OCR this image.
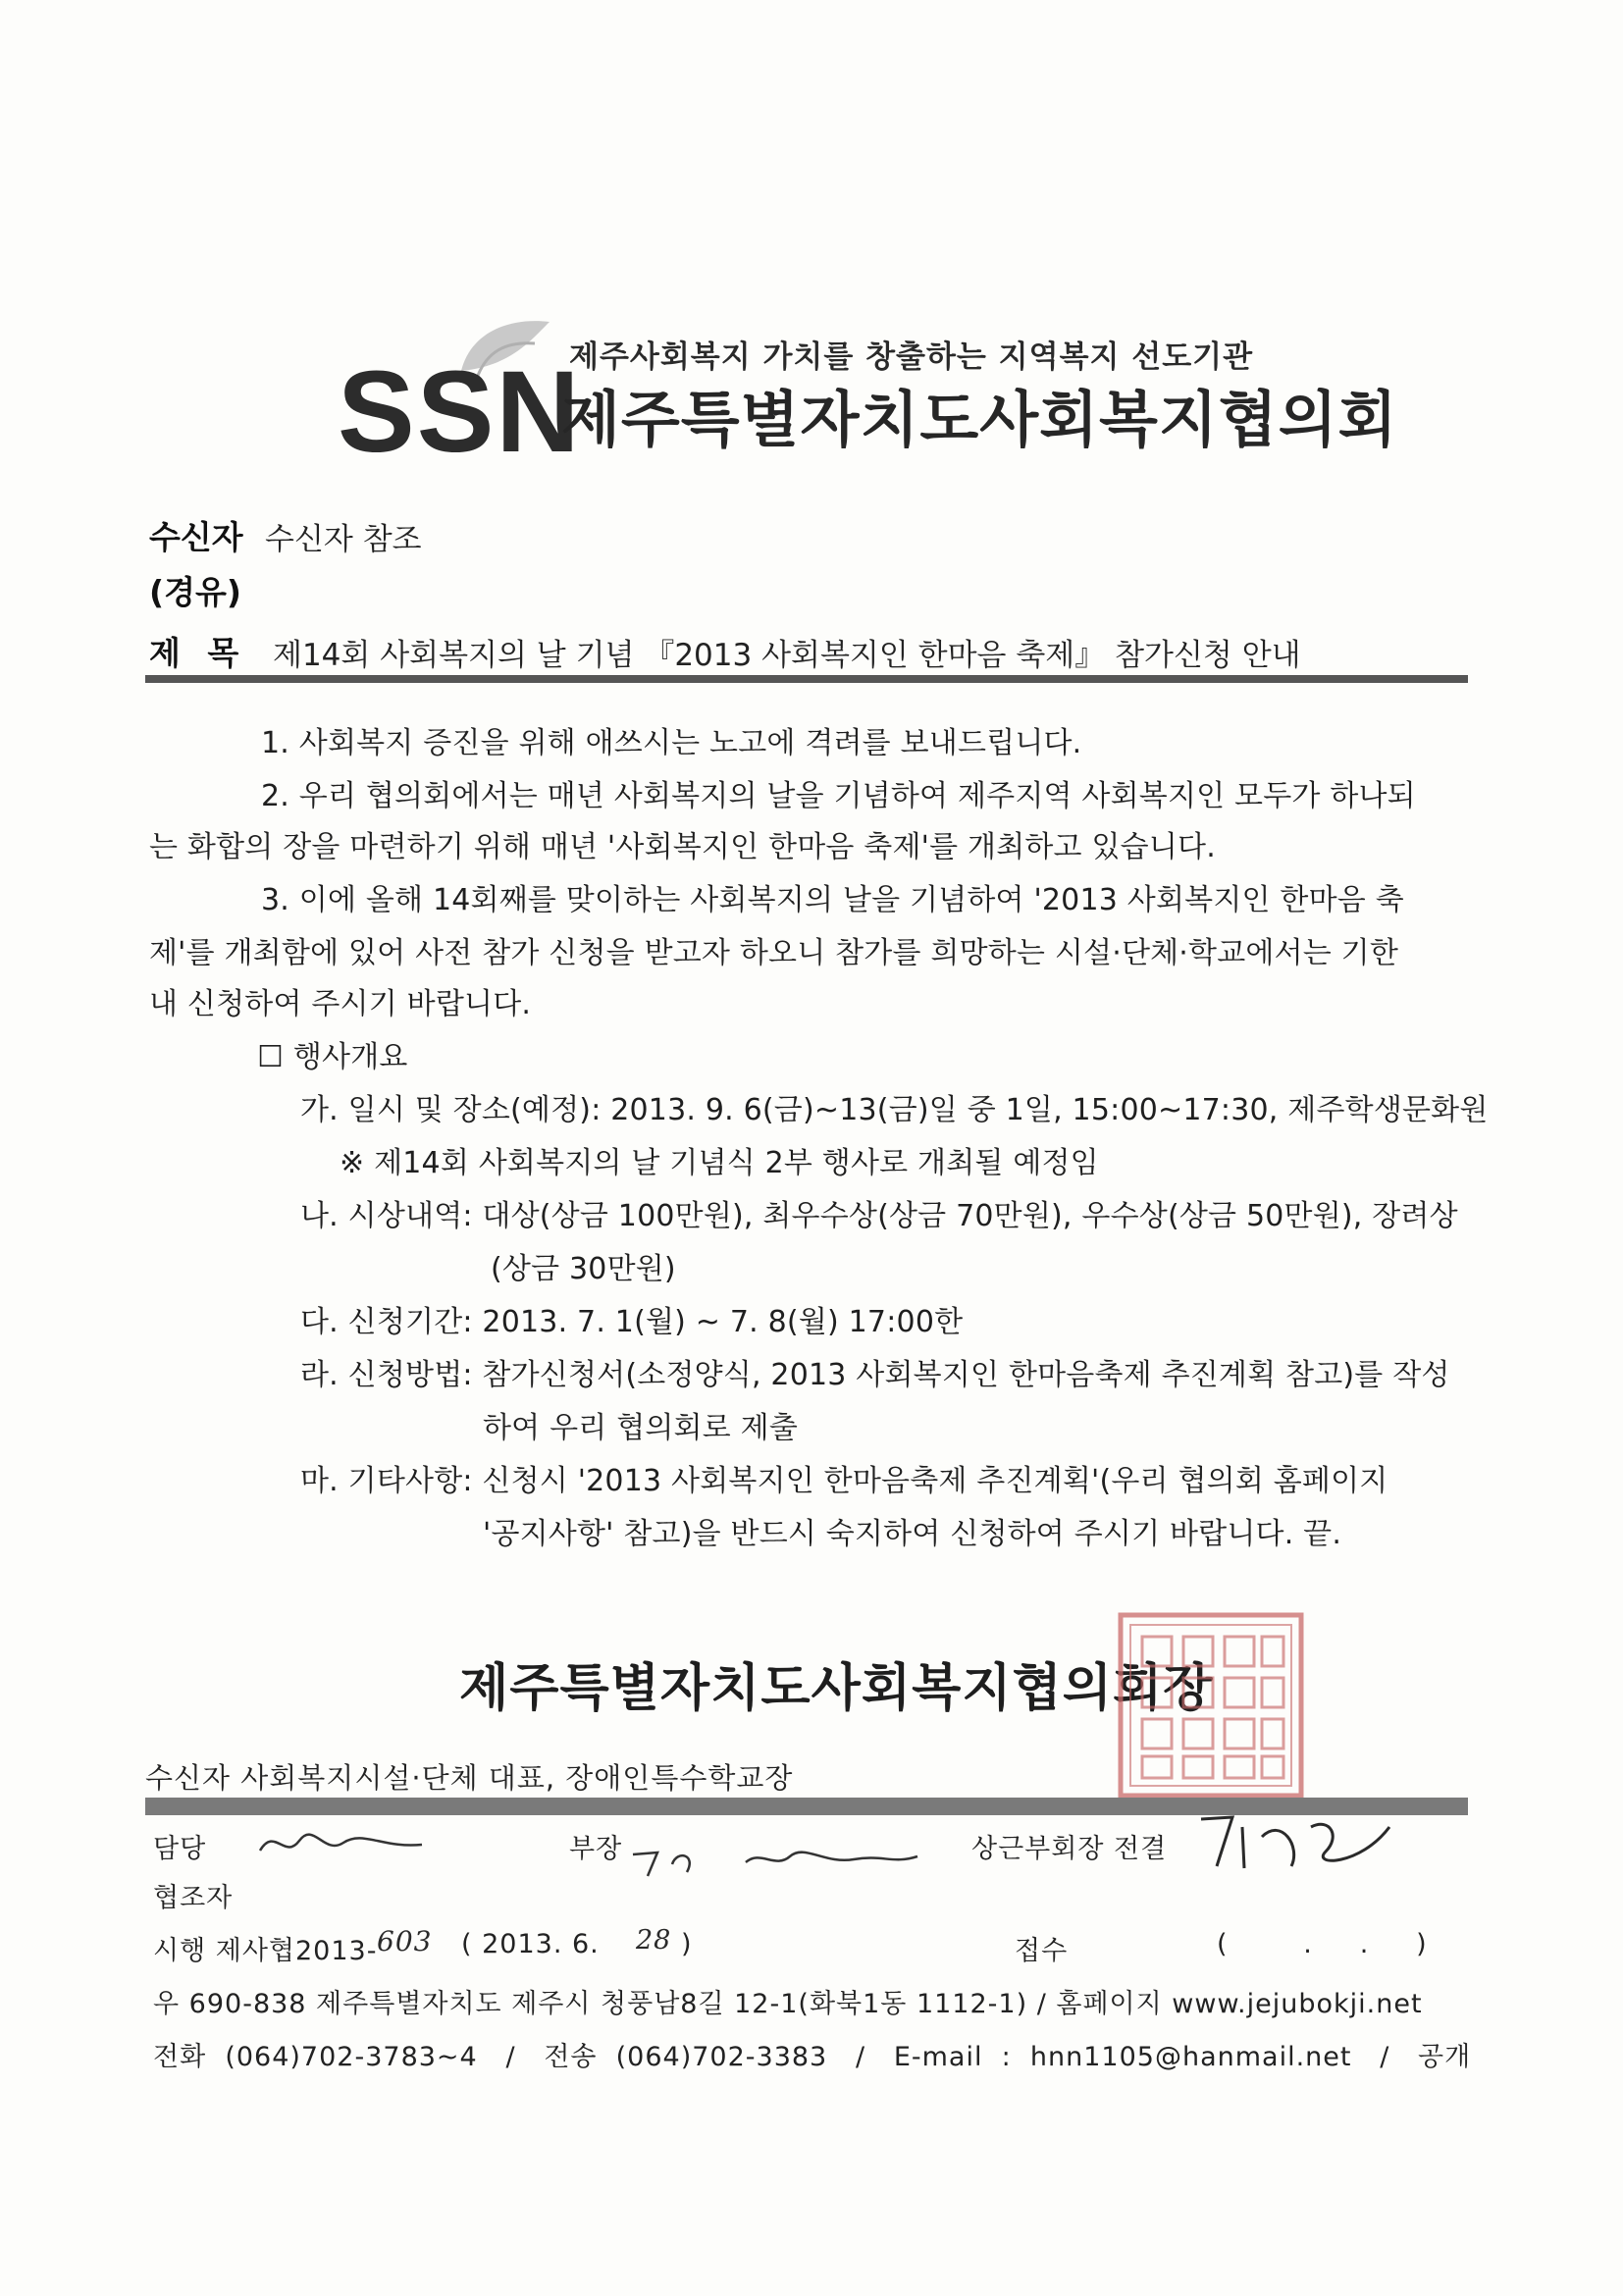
SSN
제주사회복지 가치를 창출하는 지역복지 선도기관
제주특별자치도사회복지협의회
수신자 수신자 참조
(경유)
제 목 제14회 사회복지의 날 기념 『2013 사회복지인 한마음 축제』 참가신청 안내
1. 사회복지 증진을 위해 애쓰시는 노고에 격려를 보내드립니다.
2. 우리 협의회에서는 매년 사회복지의 날을 기념하여 제주지역 사회복지인 모두가 하나되
는 화합의 장을 마련하기 위해 매년 '사회복지인 한마음 축제'를 개최하고 있습니다.
3. 이에 올해 14회째를 맞이하는 사회복지의 날을 기념하여 '2013 사회복지인 한마음 축
제'를 개최함에 있어 사전 참가 신청을 받고자 하오니 참가를 희망하는 시설·단체·학교에서는 기한
내 신청하여 주시기 바랍니다.
☐ 행사개요
가. 일시 및 장소(예정): 2013. 9. 6(금)~13(금)일 중 1일, 15:00~17:30, 제주학생문화원
※ 제14회 사회복지의 날 기념식 2부 행사로 개최될 예정임
나. 시상내역: 대상(상금 100만원), 최우수상(상금 70만원), 우수상(상금 50만원), 장려상
(상금 30만원)
다. 신청기간: 2013. 7. 1(월) ~ 7. 8(월) 17:00한
라. 신청방법: 참가신청서(소정양식, 2013 사회복지인 한마음축제 추진계획 참고)를 작성
하여 우리 협의회로 제출
마. 기타사항: 신청시 '2013 사회복지인 한마음축제 추진계획'(우리 협의회 홈페이지
'공지사항' 참고)을 반드시 숙지하여 신청하여 주시기 바랍니다. 끝.
제주특별자치도사회복지협의회장
수신자 사회복지시설·단체 대표, 장애인특수학교장
담당	부장	상근부회장 전결
협조자
시행 제사협2013- 603 ( 2013. 6. 28 )	접수	(        .     .     )
우 690-838 제주특별자치도 제주시 청풍남8길 12-1(화북1동 1112-1) / 홈페이지 www.jejubokji.net
전화  (064)702-3783~4   /   전송  (064)702-3383   /   E-mail  :  hnn1105@hanmail.net   /   공개
